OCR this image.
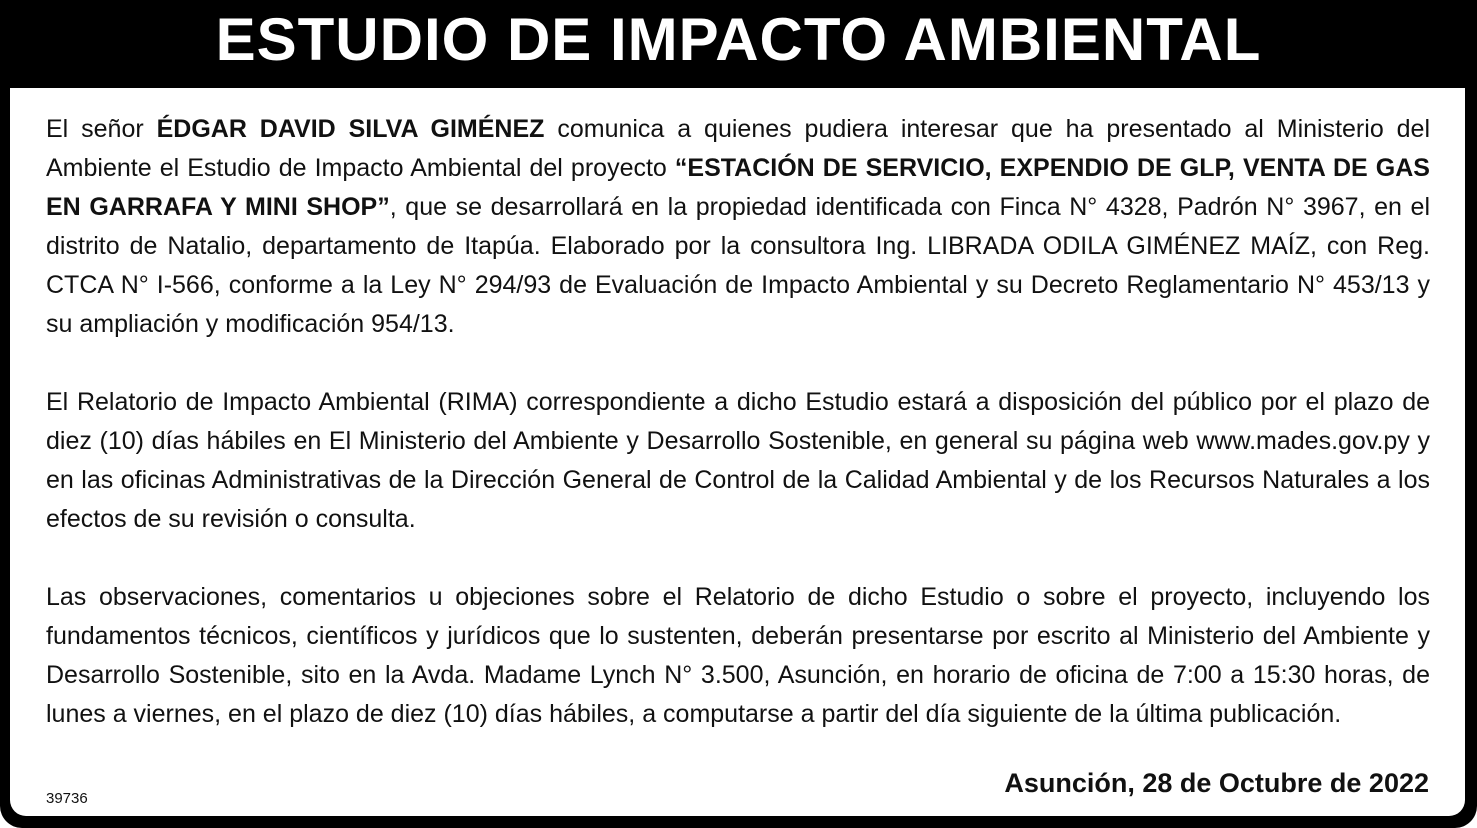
ESTUDIO DE IMPACTO AMBIENTAL

El señor ÉDGAR DAVID SILVA GIMÉNEZ comunica a quienes pudiera interesar que ha presentado al Ministerio del Ambiente el Estudio de Impacto Ambiental del proyecto “ESTACIÓN DE SERVICIO, EXPENDIO DE GLP, VENTA DE GAS EN GARRAFA Y MINI SHOP”, que se desarrollará en la propiedad identificada con Finca N° 4328, Padrón N° 3967, en el distrito de Natalio, departamento de Itapúa. Elaborado por la consultora Ing. LIBRADA ODILA GIMÉNEZ MAÍZ, con Reg. CTCA N° I-566, conforme a la Ley N° 294/93 de Evaluación de Impacto Ambiental y su Decreto Reglamentario N° 453/13 y su ampliación y modificación 954/13.

El Relatorio de Impacto Ambiental (RIMA) correspondiente a dicho Estudio estará a disposición del público por el plazo de diez (10) días hábiles en El Ministerio del Ambiente y Desarrollo Sostenible, en general su página web www.mades.gov.py y en las oficinas Administrativas de la Dirección General de Control de la Calidad Ambiental y de los Recursos Naturales a los efectos de su revisión o consulta.

Las observaciones, comentarios u objeciones sobre el Relatorio de dicho Estudio o sobre el proyecto, incluyendo los fundamentos técnicos, científicos y jurídicos que lo sustenten, deberán presentarse por escrito al Ministerio del Ambiente y Desarrollo Sostenible, sito en la Avda. Madame Lynch N° 3.500, Asunción, en horario de oficina de 7:00 a 15:30 horas, de lunes a viernes, en el plazo de diez (10) días hábiles, a computarse a partir del día siguiente de la última publicación.

39736
Asunción, 28 de Octubre de 2022
